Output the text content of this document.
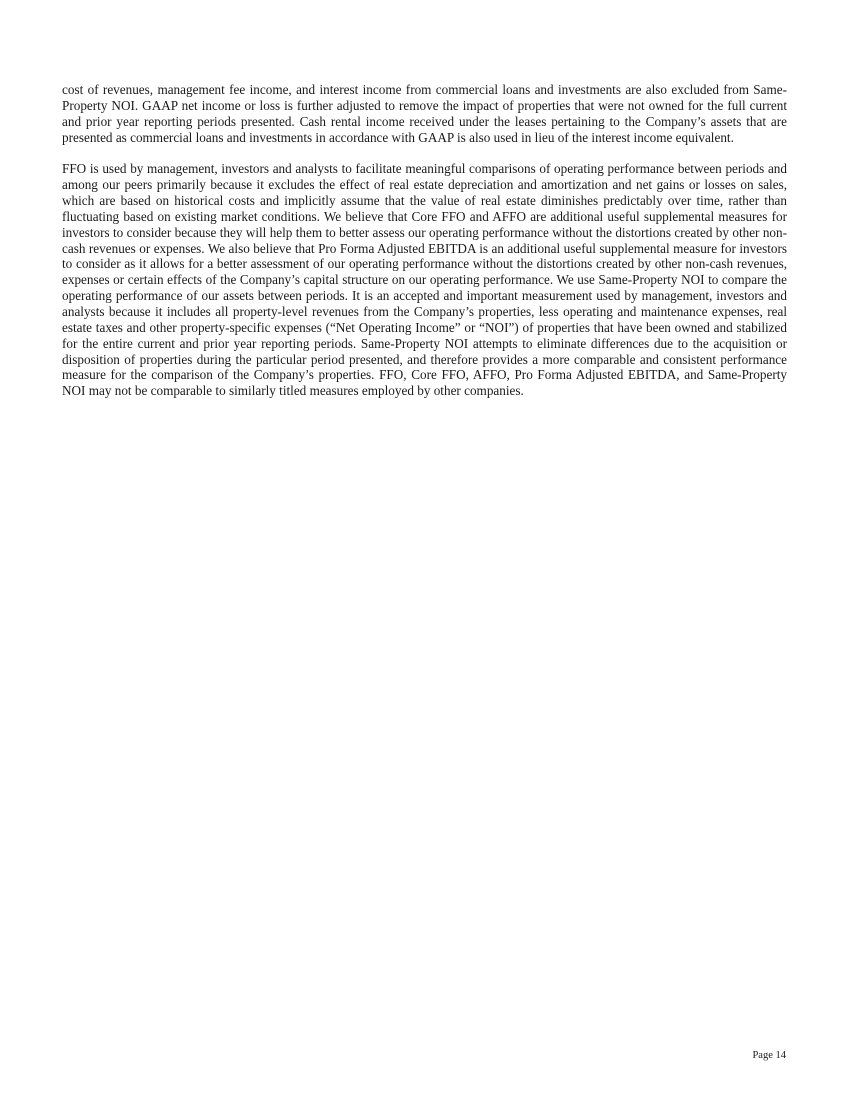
cost of revenues, management fee income, and interest income from commercial loans and investments are also excluded from Same-Property NOI. GAAP net income or loss is further adjusted to remove the impact of properties that were not owned for the full current and prior year reporting periods presented. Cash rental income received under the leases pertaining to the Company’s assets that are presented as commercial loans and investments in accordance with GAAP is also used in lieu of the interest income equivalent.

FFO is used by management, investors and analysts to facilitate meaningful comparisons of operating performance between periods and among our peers primarily because it excludes the effect of real estate depreciation and amortization and net gains or losses on sales, which are based on historical costs and implicitly assume that the value of real estate diminishes predictably over time, rather than fluctuating based on existing market conditions. We believe that Core FFO and AFFO are additional useful supplemental measures for investors to consider because they will help them to better assess our operating performance without the distortions created by other non-cash revenues or expenses. We also believe that Pro Forma Adjusted EBITDA is an additional useful supplemental measure for investors to consider as it allows for a better assessment of our operating performance without the distortions created by other non-cash revenues, expenses or certain effects of the Company’s capital structure on our operating performance. We use Same-Property NOI to compare the operating performance of our assets between periods. It is an accepted and important measurement used by management, investors and analysts because it includes all property-level revenues from the Company’s properties, less operating and maintenance expenses, real estate taxes and other property-specific expenses (“Net Operating Income” or “NOI”) of properties that have been owned and stabilized for the entire current and prior year reporting periods. Same-Property NOI attempts to eliminate differences due to the acquisition or disposition of properties during the particular period presented, and therefore provides a more comparable and consistent performance measure for the comparison of the Company’s properties. FFO, Core FFO, AFFO, Pro Forma Adjusted EBITDA, and Same-Property NOI may not be comparable to similarly titled measures employed by other companies.

Page 14
